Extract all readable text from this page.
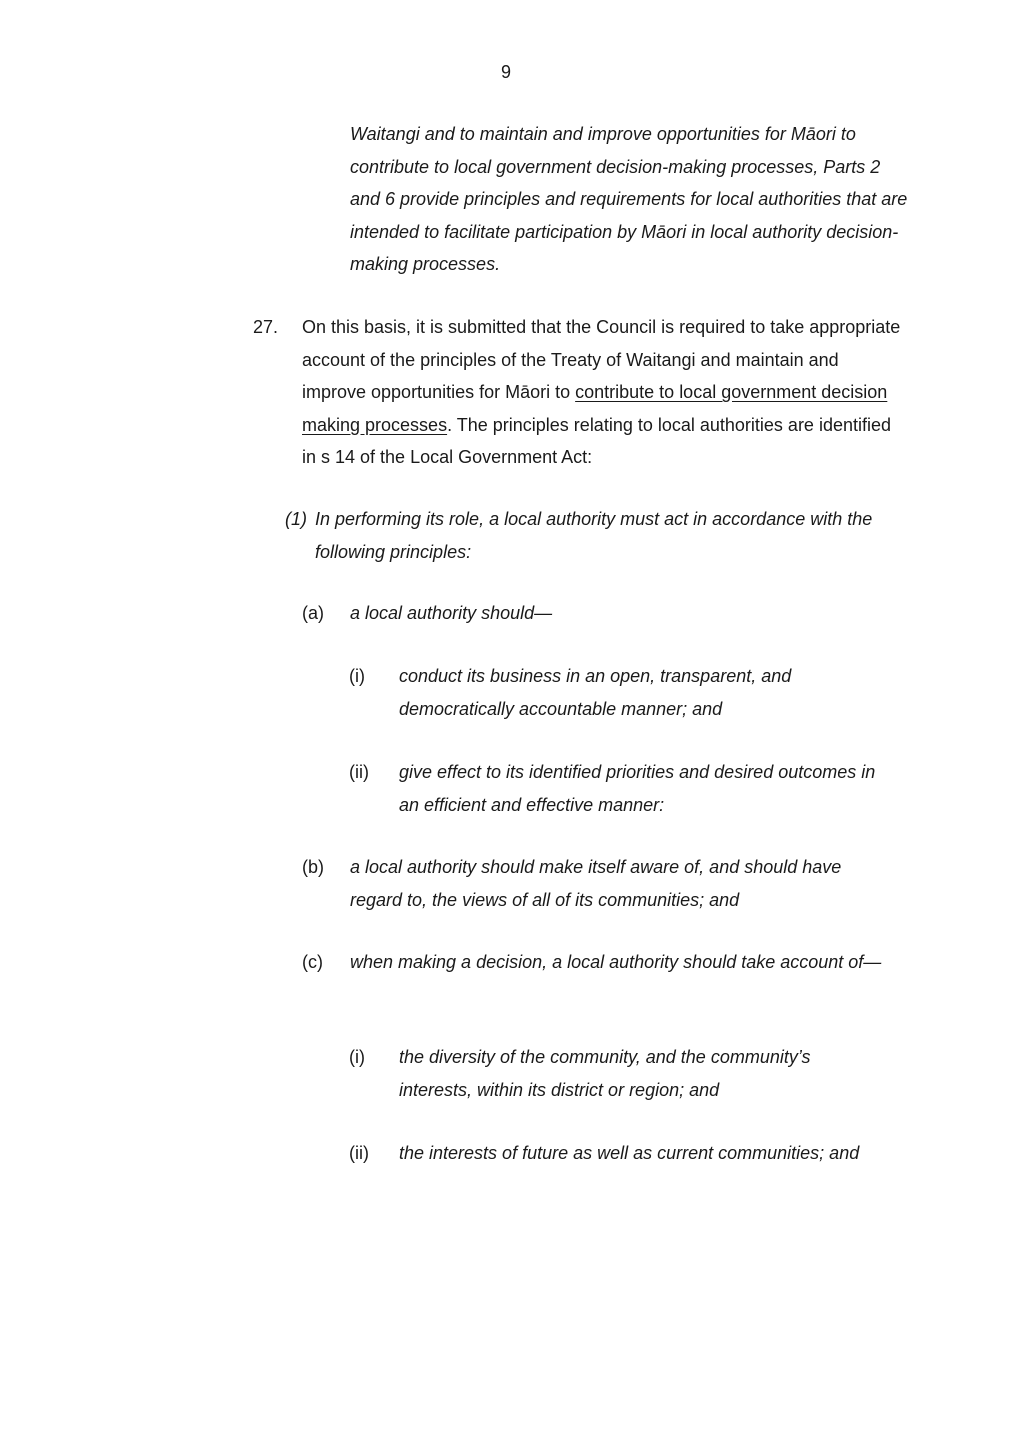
9
Waitangi and to maintain and improve opportunities for Māori to contribute to local government decision-making processes, Parts 2 and 6 provide principles and requirements for local authorities that are intended to facilitate participation by Māori in local authority decision-making processes.
27. On this basis, it is submitted that the Council is required to take appropriate account of the principles of the Treaty of Waitangi and maintain and improve opportunities for Māori to contribute to local government decision making processes. The principles relating to local authorities are identified in s 14 of the Local Government Act:
(1) In performing its role, a local authority must act in accordance with the following principles:
(a) a local authority should—
(i) conduct its business in an open, transparent, and democratically accountable manner; and
(ii) give effect to its identified priorities and desired outcomes in an efficient and effective manner:
(b) a local authority should make itself aware of, and should have regard to, the views of all of its communities; and
(c) when making a decision, a local authority should take account of—
(i) the diversity of the community, and the community’s interests, within its district or region; and
(ii) the interests of future as well as current communities; and
